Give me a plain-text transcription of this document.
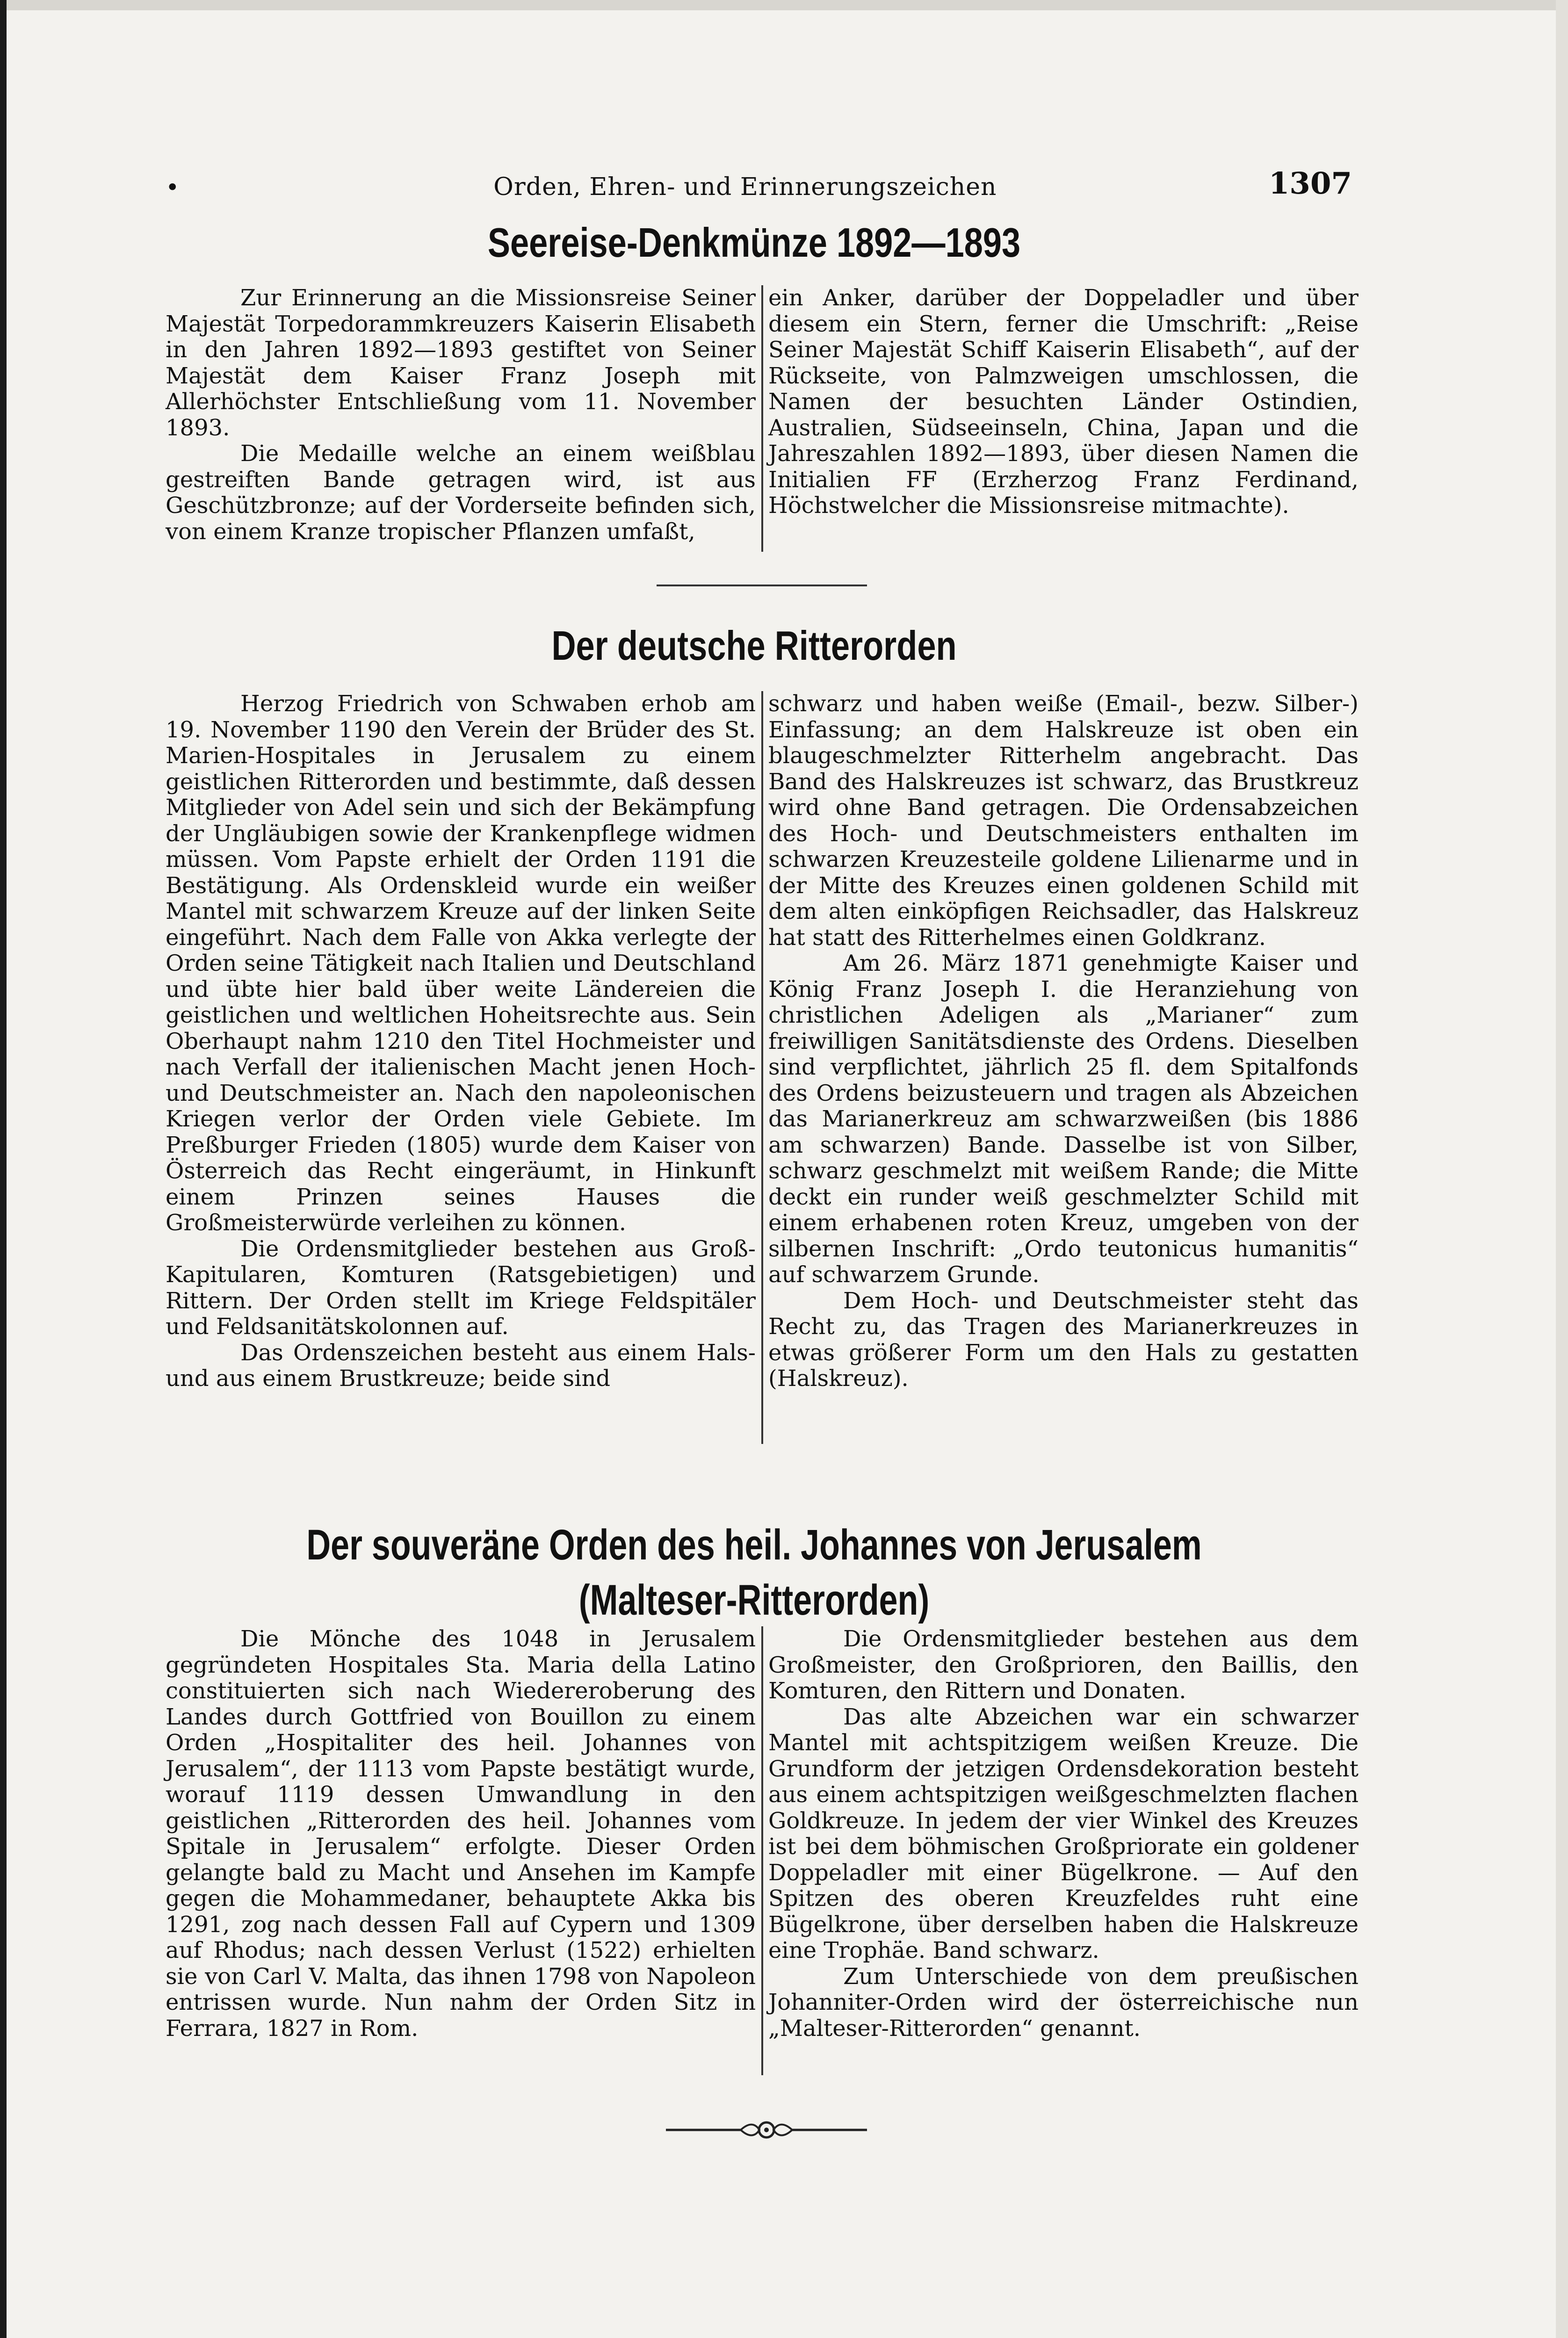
•	Orden, Ehren- und Erinnerungszeichen	1307
Seereise-Denkmünze 1892—1893

Zur Erinnerung an die Missionsreise Seiner Majestät Torpedorammkreuzers Kaiserin Elisabeth in den Jahren 1892—1893 gestiftet von Seiner Majestät dem Kaiser Franz Joseph mit Allerhöchster Entschließung vom 11. November 1893.

Die Medaille welche an einem weißblau gestreiften Bande getragen wird, ist aus Geschützbronze; auf der Vorderseite befinden sich, von einem Kranze tropischer Pflanzen umfaßt,

ein Anker, darüber der Doppeladler und über diesem ein Stern, ferner die Umschrift: „Reise Seiner Majestät Schiff Kaiserin Elisabeth“, auf der Rückseite, von Palmzweigen umschlossen, die Namen der besuchten Länder Ostindien, Australien, Südseeinseln, China, Japan und die Jahreszahlen 1892—1893, über diesen Namen die Initialien FF (Erzherzog Franz Ferdinand, Höchstwelcher die Missionsreise mitmachte).

Der deutsche Ritterorden

Herzog Friedrich von Schwaben erhob am 19. November 1190 den Verein der Brüder des St. Marien-Hospitales in Jerusalem zu einem geistlichen Ritterorden und bestimmte, daß dessen Mitglieder von Adel sein und sich der Bekämpfung der Ungläubigen sowie der Krankenpflege widmen müssen. Vom Papste erhielt der Orden 1191 die Bestätigung. Als Ordenskleid wurde ein weißer Mantel mit schwarzem Kreuze auf der linken Seite eingeführt. Nach dem Falle von Akka verlegte der Orden seine Tätigkeit nach Italien und Deutschland und übte hier bald über weite Ländereien die geistlichen und weltlichen Hoheitsrechte aus. Sein Oberhaupt nahm 1210 den Titel Hochmeister und nach Verfall der italienischen Macht jenen Hoch- und Deutschmeister an. Nach den napoleonischen Kriegen verlor der Orden viele Gebiete. Im Preßburger Frieden (1805) wurde dem Kaiser von Österreich das Recht eingeräumt, in Hinkunft einem Prinzen seines Hauses die Großmeisterwürde verleihen zu können.

Die Ordensmitglieder bestehen aus Groß-Kapitularen, Komturen (Ratsgebietigen) und Rittern. Der Orden stellt im Kriege Feldspitäler und Feldsanitätskolonnen auf.

Das Ordenszeichen besteht aus einem Hals- und aus einem Brustkreuze; beide sind

schwarz und haben weiße (Email-, bezw. Silber-) Einfassung; an dem Halskreuze ist oben ein blaugeschmelzter Ritterhelm angebracht. Das Band des Halskreuzes ist schwarz, das Brustkreuz wird ohne Band getragen. Die Ordensabzeichen des Hoch- und Deutschmeisters enthalten im schwarzen Kreuzesteile goldene Lilienarme und in der Mitte des Kreuzes einen goldenen Schild mit dem alten einköpfigen Reichsadler, das Halskreuz hat statt des Ritterhelmes einen Goldkranz.

Am 26. März 1871 genehmigte Kaiser und König Franz Joseph I. die Heranziehung von christlichen Adeligen als „Marianer“ zum freiwilligen Sanitätsdienste des Ordens. Dieselben sind verpflichtet, jährlich 25 fl. dem Spitalfonds des Ordens beizusteuern und tragen als Abzeichen das Marianerkreuz am schwarzweißen (bis 1886 am schwarzen) Bande. Dasselbe ist von Silber, schwarz geschmelzt mit weißem Rande; die Mitte deckt ein runder weiß geschmelzter Schild mit einem erhabenen roten Kreuz, umgeben von der silbernen Inschrift: „Ordo teutonicus humanitis“ auf schwarzem Grunde.

Dem Hoch- und Deutschmeister steht das Recht zu, das Tragen des Marianerkreuzes in etwas größerer Form um den Hals zu gestatten (Halskreuz).

Der souveräne Orden des heil. Johannes von Jerusalem (Malteser-Ritterorden)

Die Mönche des 1048 in Jerusalem gegründeten Hospitales Sta. Maria della Latino constituierten sich nach Wiedereroberung des Landes durch Gottfried von Bouillon zu einem Orden „Hospitaliter des heil. Johannes von Jerusalem“, der 1113 vom Papste bestätigt wurde, worauf 1119 dessen Umwandlung in den geistlichen „Ritterorden des heil. Johannes vom Spitale in Jerusalem“ erfolgte. Dieser Orden gelangte bald zu Macht und Ansehen im Kampfe gegen die Mohammedaner, behauptete Akka bis 1291, zog nach dessen Fall auf Cypern und 1309 auf Rhodus; nach dessen Verlust (1522) erhielten sie von Carl V. Malta, das ihnen 1798 von Napoleon entrissen wurde. Nun nahm der Orden Sitz in Ferrara, 1827 in Rom.

Die Ordensmitglieder bestehen aus dem Großmeister, den Großprioren, den Baillis, den Komturen, den Rittern und Donaten.

Das alte Abzeichen war ein schwarzer Mantel mit achtspitzigem weißen Kreuze. Die Grundform der jetzigen Ordensdekoration besteht aus einem achtspitzigen weißgeschmelzten flachen Goldkreuze. In jedem der vier Winkel des Kreuzes ist bei dem böhmischen Großpriorate ein goldener Doppeladler mit einer Bügelkrone. — Auf den Spitzen des oberen Kreuzfeldes ruht eine Bügelkrone, über derselben haben die Halskreuze eine Trophäe. Band schwarz.

Zum Unterschiede von dem preußischen Johanniter-Orden wird der österreichische nun „Malteser-Ritterorden“ genannt.
